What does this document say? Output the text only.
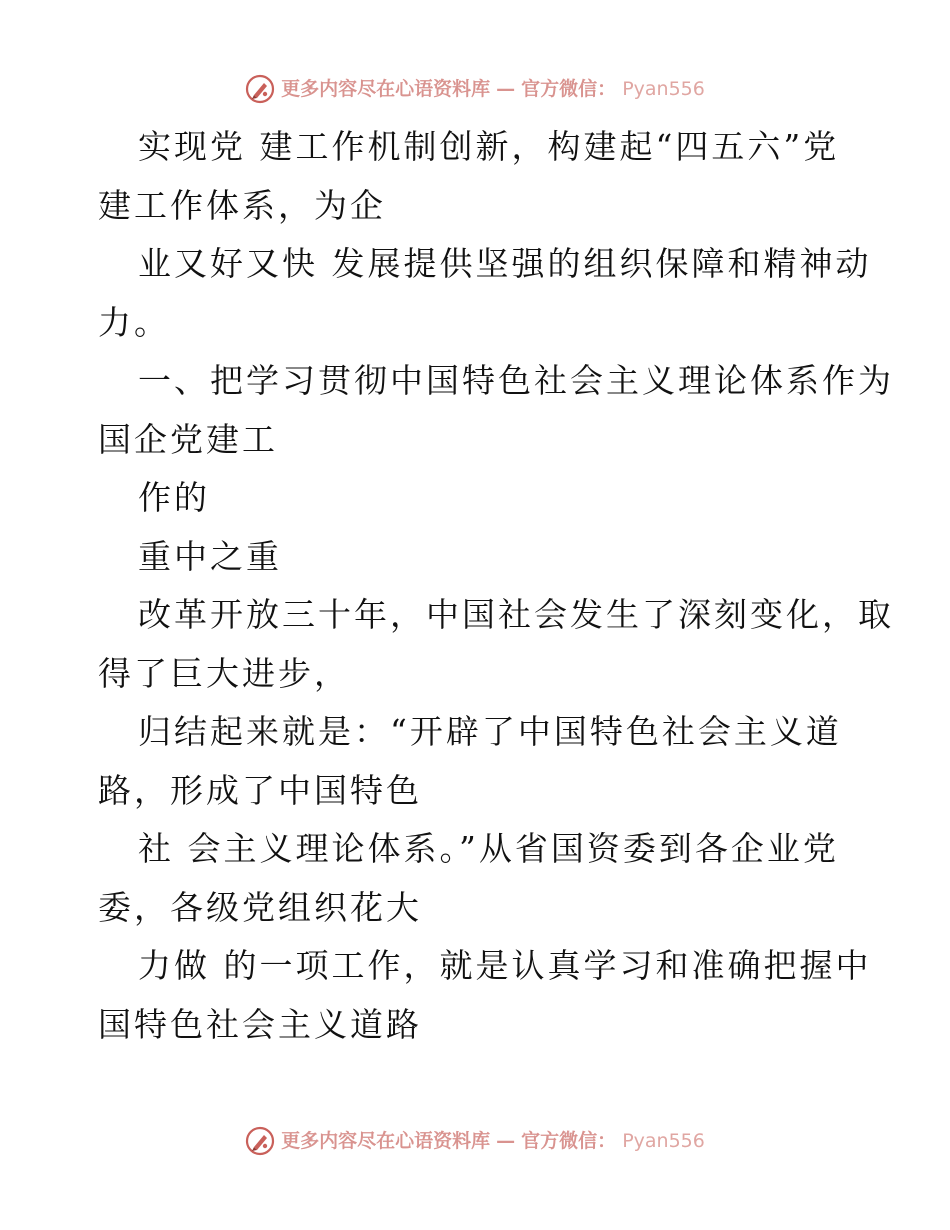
更多内容尽在心语资料库 — 官方微信： Pyan556

实现党 建工作机制创新，构建起“四五六”党
建工作体系，为企

业又好又快 发展提供坚强的组织保障和精神动
力。

一、把学习贯彻中国特色社会主义理论体系作为
国企党建工

作的

重中之重

改革开放三十年，中国社会发生了深刻变化，取
得了巨大进步，

归结起来就是：“开辟了中国特色社会主义道
路，形成了中国特色

社 会主义理论体系。”从省国资委到各企业党
委，各级党组织花大

力做 的一项工作，就是认真学习和准确把握中
国特色社会主义道路

更多内容尽在心语资料库 — 官方微信： Pyan556
